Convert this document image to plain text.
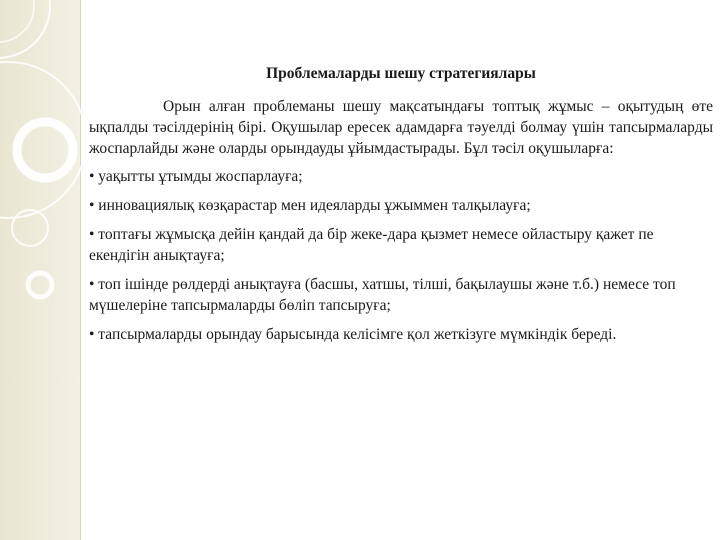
Проблемаларды шешу стратегиялары

Орын алған проблеманы шешу мақсатындағы топтық жұмыс – оқытудың өте ықпалды тәсілдерінің бірі. Оқушылар ересек адамдарға тәуелді болмау үшін тапсырмаларды жоспарлайды және оларды орындауды ұйымдастырады. Бұл тәсіл оқушыларға:

• уақытты ұтымды жоспарлауға;
• инновациялық көзқарастар мен идеяларды ұжыммен талқылауға;
• топтағы жұмысқа дейін қандай да бір жеке-дара қызмет немесе ойластыру қажет пе екендігін анықтауға;
• топ ішінде рөлдерді анықтауға (басшы, хатшы, тілші, бақылаушы және т.б.) немесе топ мүшелеріне тапсырмаларды бөліп тапсыруға;
• тапсырмаларды орындау барысында келісімге қол жеткізуге мүмкіндік береді.
